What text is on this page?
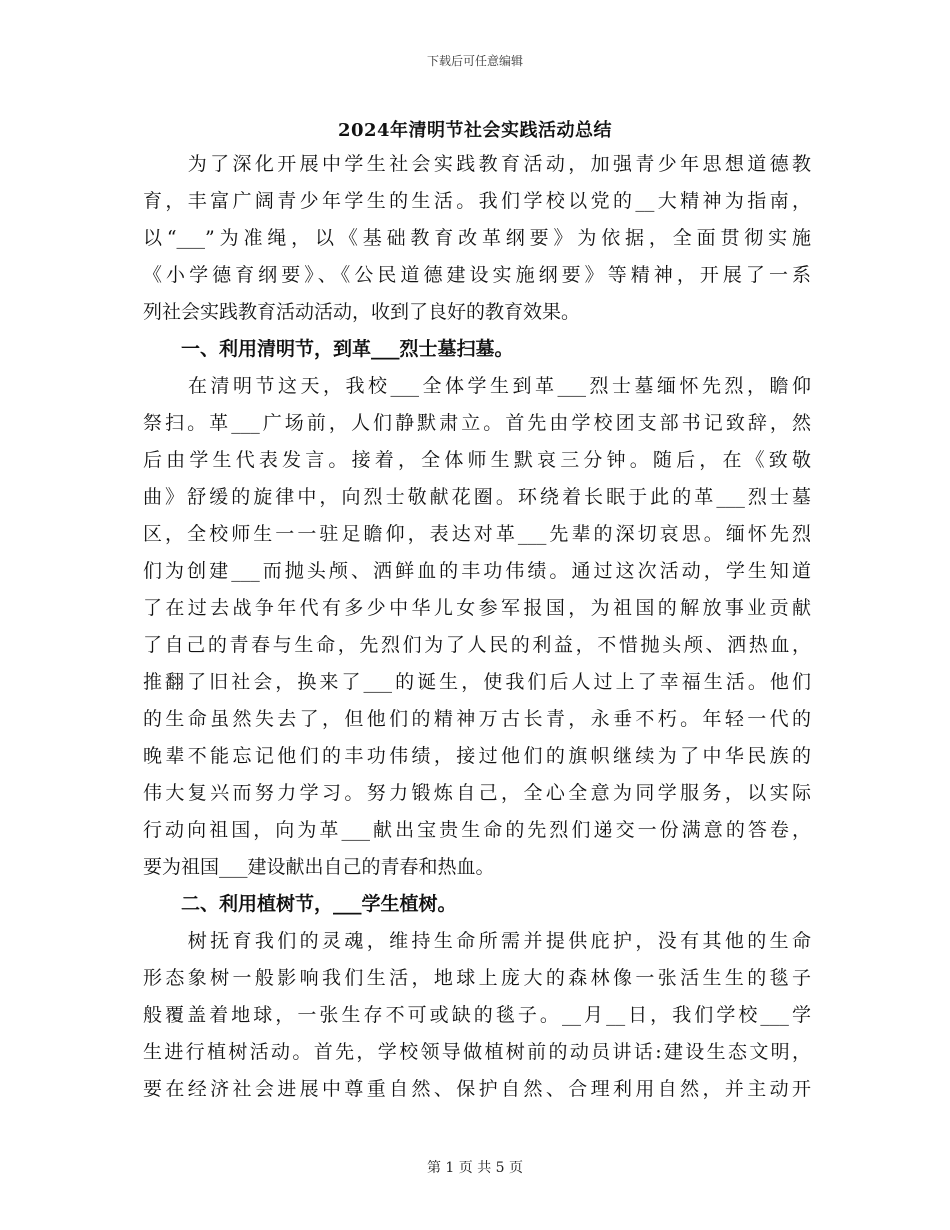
下载后可任意编辑
2024年清明节社会实践活动总结
　　为了深化开展中学生社会实践教育活动，加强青少年思想道德教
育，丰富广阔青少年学生的生活。我们学校以党的__大精神为指南，
以“___”为准绳，以《基础教育改革纲要》为依据，全面贯彻实施
《小学德育纲要》、《公民道德建设实施纲要》等精神，开展了一系
列社会实践教育活动活动，收到了良好的教育效果。
　　一、利用清明节，到革___烈士墓扫墓。
　　在清明节这天，我校___全体学生到革___烈士墓缅怀先烈，瞻仰
祭扫。革___广场前，人们静默肃立。首先由学校团支部书记致辞，然
后由学生代表发言。接着，全体师生默哀三分钟。随后，在《致敬
曲》舒缓的旋律中，向烈士敬献花圈。环绕着长眠于此的革___烈士墓
区，全校师生一一驻足瞻仰，表达对革___先辈的深切哀思。缅怀先烈
们为创建___而抛头颅、洒鲜血的丰功伟绩。通过这次活动，学生知道
了在过去战争年代有多少中华儿女参军报国，为祖国的解放事业贡献
了自己的青春与生命，先烈们为了人民的利益，不惜抛头颅、洒热血，
推翻了旧社会，换来了___的诞生，使我们后人过上了幸福生活。他们
的生命虽然失去了，但他们的精神万古长青，永垂不朽。年轻一代的
晚辈不能忘记他们的丰功伟绩，接过他们的旗帜继续为了中华民族的
伟大复兴而努力学习。努力锻炼自己，全心全意为同学服务，以实际
行动向祖国，向为革___献出宝贵生命的先烈们递交一份满意的答卷，
要为祖国___建设献出自己的青春和热血。
　　二、利用植树节，___学生植树。
　　树抚育我们的灵魂，维持生命所需并提供庇护，没有其他的生命
形态象树一般影响我们生活，地球上庞大的森林像一张活生生的毯子
般覆盖着地球，一张生存不可或缺的毯子。__月__日，我们学校___学
生进行植树活动。首先，学校领导做植树前的动员讲话:建设生态文明，
要在经济社会进展中尊重自然、保护自然、合理利用自然，并主动开
第 1 页 共 5 页
